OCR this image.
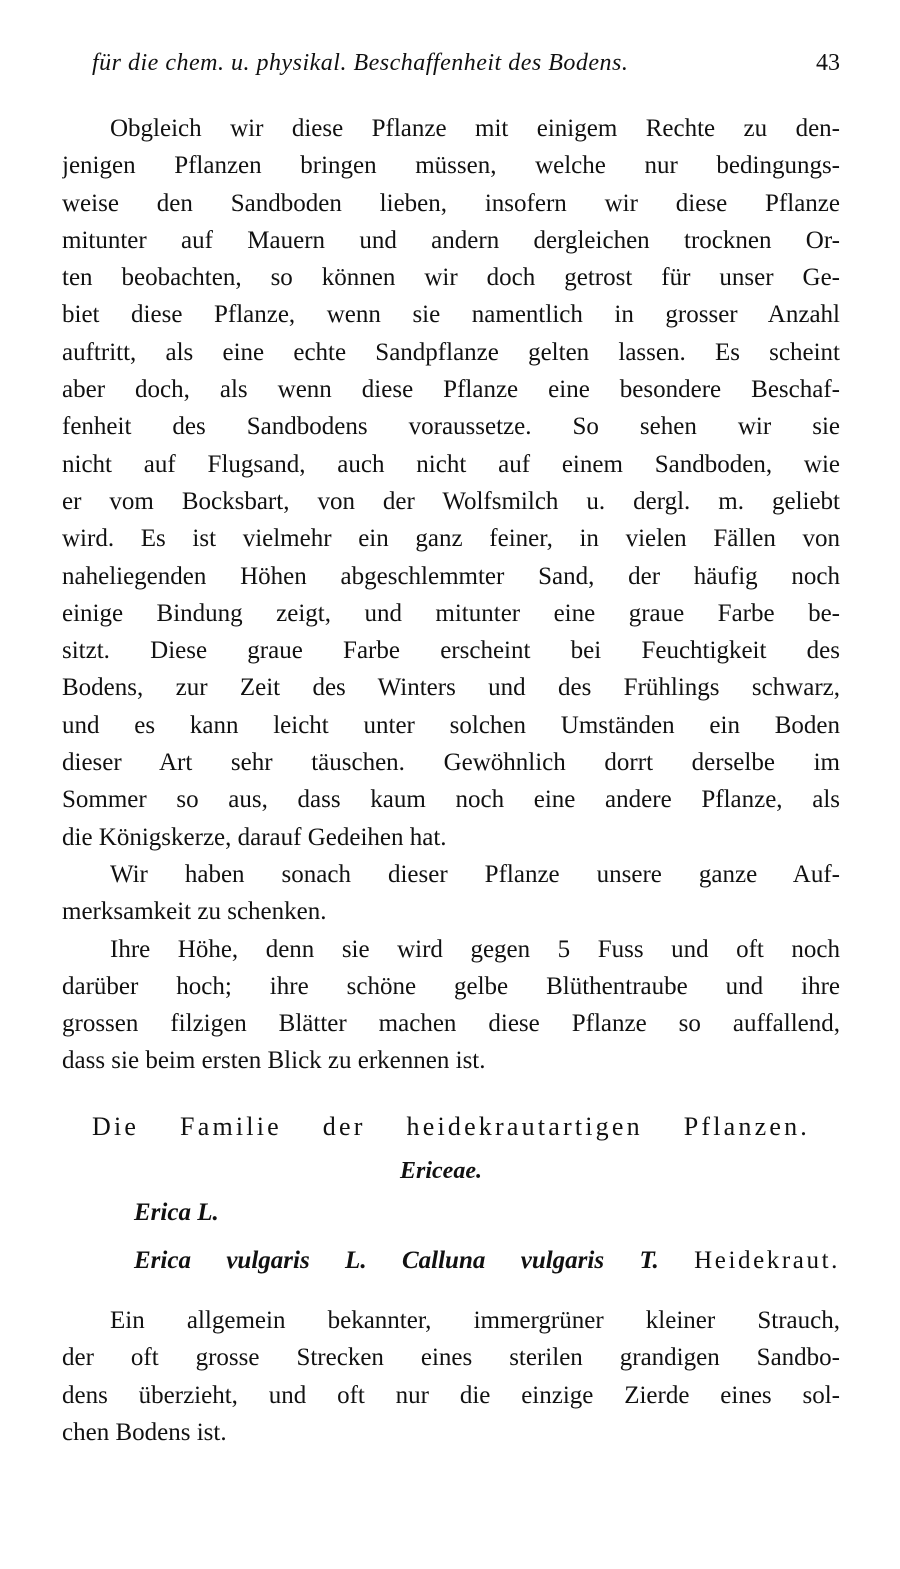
für die chem. u. physikal. Beschaffenheit des Bodens.	43
Obgleich wir diese Pflanze mit einigem Rechte zu den-
jenigen Pflanzen bringen müssen, welche nur bedingungs-
weise den Sandboden lieben, insofern wir diese Pflanze
mitunter auf Mauern und andern dergleichen trocknen Or-
ten beobachten, so können wir doch getrost für unser Ge-
biet diese Pflanze, wenn sie namentlich in grosser Anzahl
auftritt, als eine echte Sandpflanze gelten lassen. Es scheint
aber doch, als wenn diese Pflanze eine besondere Beschaf-
fenheit des Sandbodens voraussetze. So sehen wir sie
nicht auf Flugsand, auch nicht auf einem Sandboden, wie
er vom Bocksbart, von der Wolfsmilch u. dergl. m. geliebt
wird. Es ist vielmehr ein ganz feiner, in vielen Fällen von
naheliegenden Höhen abgeschlemmter Sand, der häufig noch
einige Bindung zeigt, und mitunter eine graue Farbe be-
sitzt. Diese graue Farbe erscheint bei Feuchtigkeit des
Bodens, zur Zeit des Winters und des Frühlings schwarz,
und es kann leicht unter solchen Umständen ein Boden
dieser Art sehr täuschen. Gewöhnlich dorrt derselbe im
Sommer so aus, dass kaum noch eine andere Pflanze, als
die Königskerze, darauf Gedeihen hat.
Wir haben sonach dieser Pflanze unsere ganze Auf-
merksamkeit zu schenken.
Ihre Höhe, denn sie wird gegen 5 Fuss und oft noch
darüber hoch; ihre schöne gelbe Blüthentraube und ihre
grossen filzigen Blätter machen diese Pflanze so auffallend,
dass sie beim ersten Blick zu erkennen ist.
Die Familie der heidekrautartigen Pflanzen.
Ericeae.
Erica L.
Erica vulgaris L. Calluna vulgaris T. Heidekraut.
Ein allgemein bekannter, immergrüner kleiner Strauch,
der oft grosse Strecken eines sterilen grandigen Sandbo-
dens überzieht, und oft nur die einzige Zierde eines sol-
chen Bodens ist.
